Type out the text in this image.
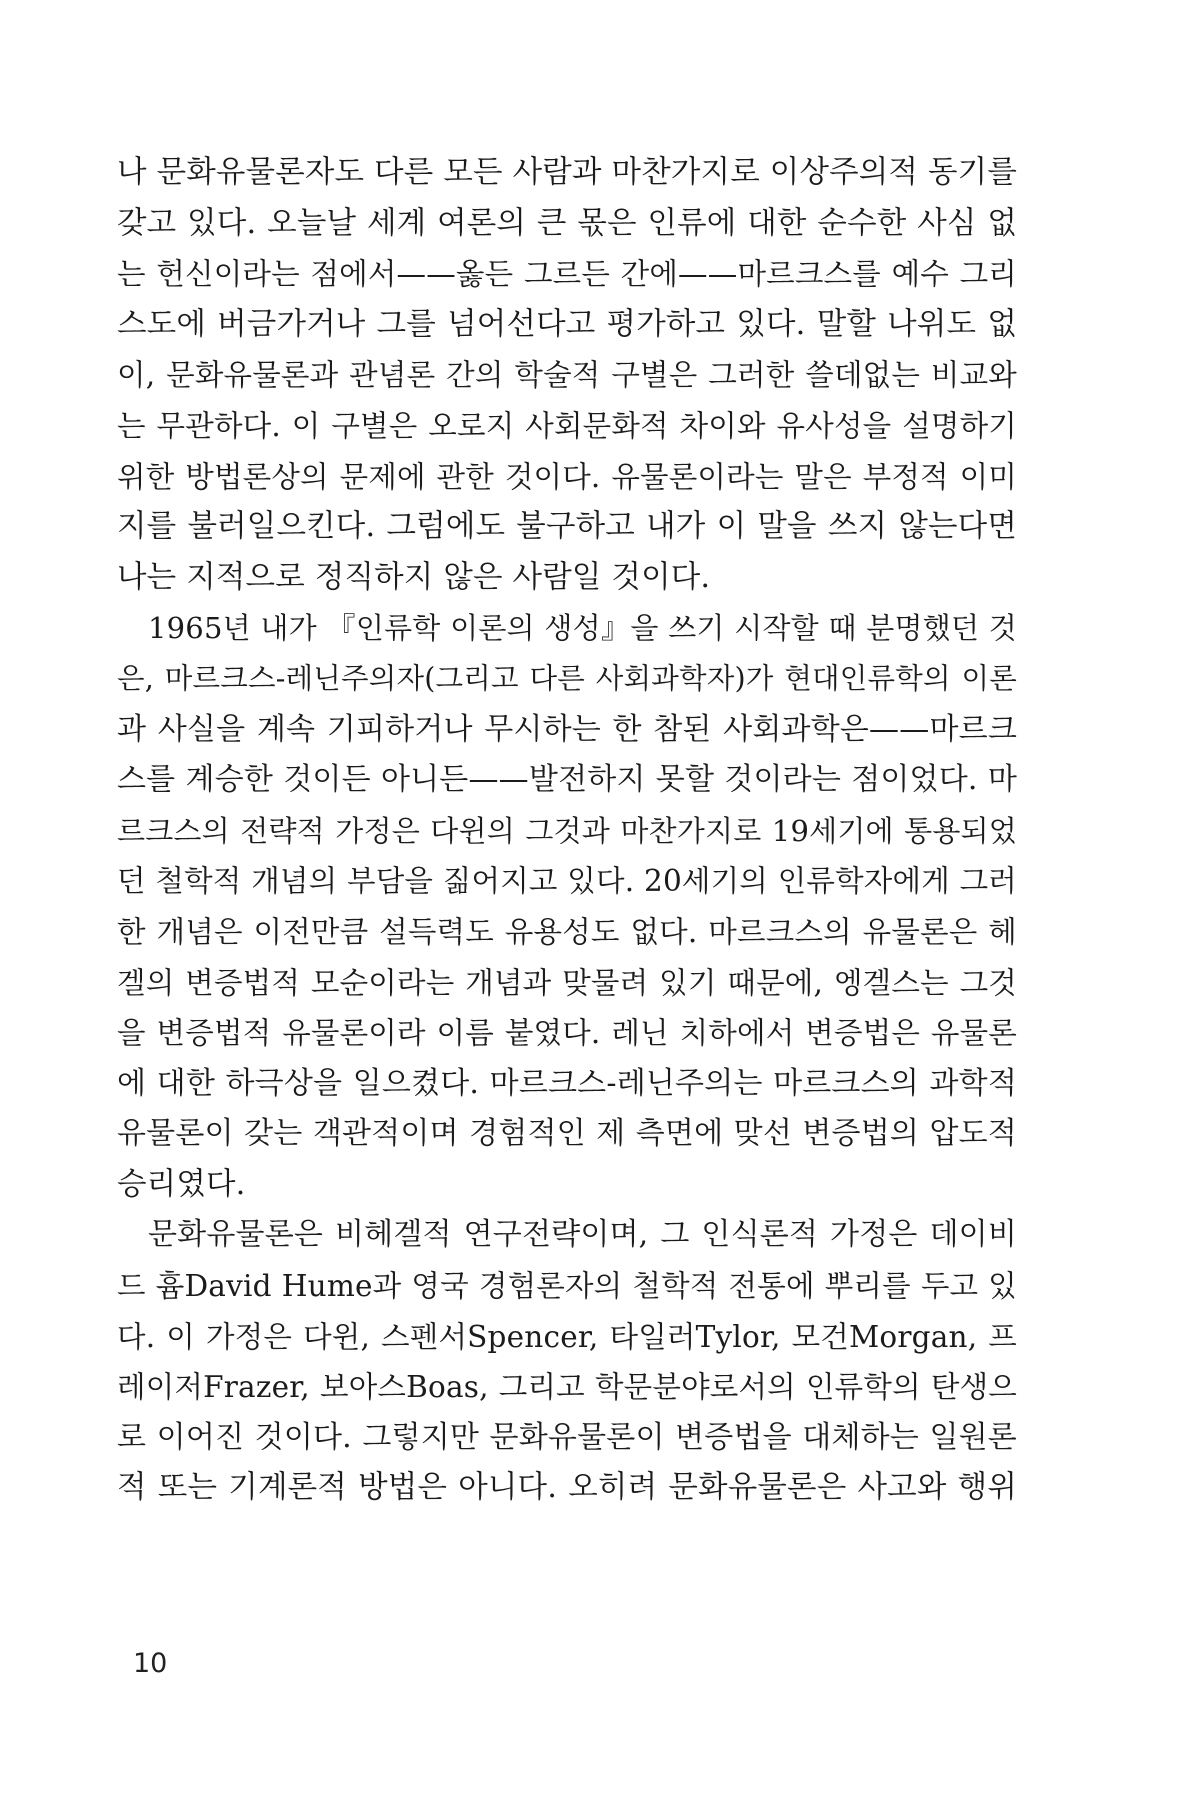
나 문화유물론자도 다른 모든 사람과 마찬가지로 이상주의적 동기를
갖고 있다. 오늘날 세계 여론의 큰 몫은 인류에 대한 순수한 사심 없
는 헌신이라는 점에서——옳든 그르든 간에——마르크스를 예수 그리
스도에 버금가거나 그를 넘어선다고 평가하고 있다. 말할 나위도 없
이, 문화유물론과 관념론 간의 학술적 구별은 그러한 쓸데없는 비교와
는 무관하다. 이 구별은 오로지 사회문화적 차이와 유사성을 설명하기
위한 방법론상의 문제에 관한 것이다. 유물론이라는 말은 부정적 이미
지를 불러일으킨다. 그럼에도 불구하고 내가 이 말을 쓰지 않는다면
나는 지적으로 정직하지 않은 사람일 것이다.
1965년 내가 『인류학 이론의 생성』을 쓰기 시작할 때 분명했던 것
은, 마르크스-레닌주의자(그리고 다른 사회과학자)가 현대인류학의 이론
과 사실을 계속 기피하거나 무시하는 한 참된 사회과학은——마르크
스를 계승한 것이든 아니든——발전하지 못할 것이라는 점이었다. 마
르크스의 전략적 가정은 다윈의 그것과 마찬가지로 19세기에 통용되었
던 철학적 개념의 부담을 짊어지고 있다. 20세기의 인류학자에게 그러
한 개념은 이전만큼 설득력도 유용성도 없다. 마르크스의 유물론은 헤
겔의 변증법적 모순이라는 개념과 맞물려 있기 때문에, 엥겔스는 그것
을 변증법적 유물론이라 이름 붙였다. 레닌 치하에서 변증법은 유물론
에 대한 하극상을 일으켰다. 마르크스-레닌주의는 마르크스의 과학적
유물론이 갖는 객관적이며 경험적인 제 측면에 맞선 변증법의 압도적
승리였다.
문화유물론은 비헤겔적 연구전략이며, 그 인식론적 가정은 데이비
드 흄David Hume과 영국 경험론자의 철학적 전통에 뿌리를 두고 있
다. 이 가정은 다윈, 스펜서Spencer, 타일러Tylor, 모건Morgan, 프
레이저Frazer, 보아스Boas, 그리고 학문분야로서의 인류학의 탄생으
로 이어진 것이다. 그렇지만 문화유물론이 변증법을 대체하는 일원론
적 또는 기계론적 방법은 아니다. 오히려 문화유물론은 사고와 행위
10
